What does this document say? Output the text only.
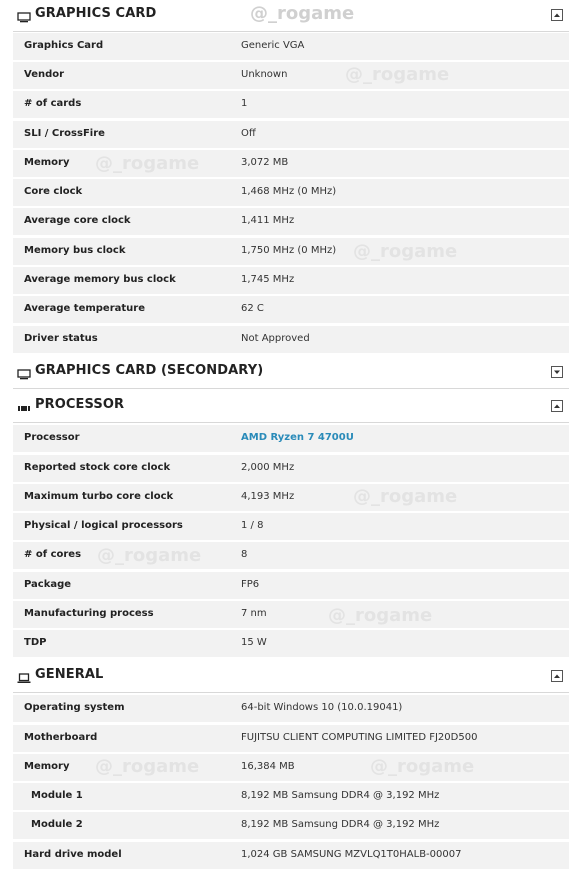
GRAPHICS CARD
Graphics Card	Generic VGA
Vendor	Unknown
# of cards	1
SLI / CrossFire	Off
Memory	3,072 MB
Core clock	1,468 MHz (0 MHz)
Average core clock	1,411 MHz
Memory bus clock	1,750 MHz (0 MHz)
Average memory bus clock	1,745 MHz
Average temperature	62 C
Driver status	Not Approved
GRAPHICS CARD (SECONDARY)
PROCESSOR
Processor	AMD Ryzen 7 4700U
Reported stock core clock	2,000 MHz
Maximum turbo core clock	4,193 MHz
Physical / logical processors	1 / 8
# of cores	8
Package	FP6
Manufacturing process	7 nm
TDP	15 W
GENERAL
Operating system	64-bit Windows 10 (10.0.19041)
Motherboard	FUJITSU CLIENT COMPUTING LIMITED FJ20D500
Memory	16,384 MB
Module 1	8,192 MB Samsung DDR4 @ 3,192 MHz
Module 2	8,192 MB Samsung DDR4 @ 3,192 MHz
Hard drive model	1,024 GB SAMSUNG MZVLQ1T0HALB-00007
@_rogame
@_rogame
@_rogame
@_rogame
@_rogame
@_rogame
@_rogame
@_rogame	@_rogame
